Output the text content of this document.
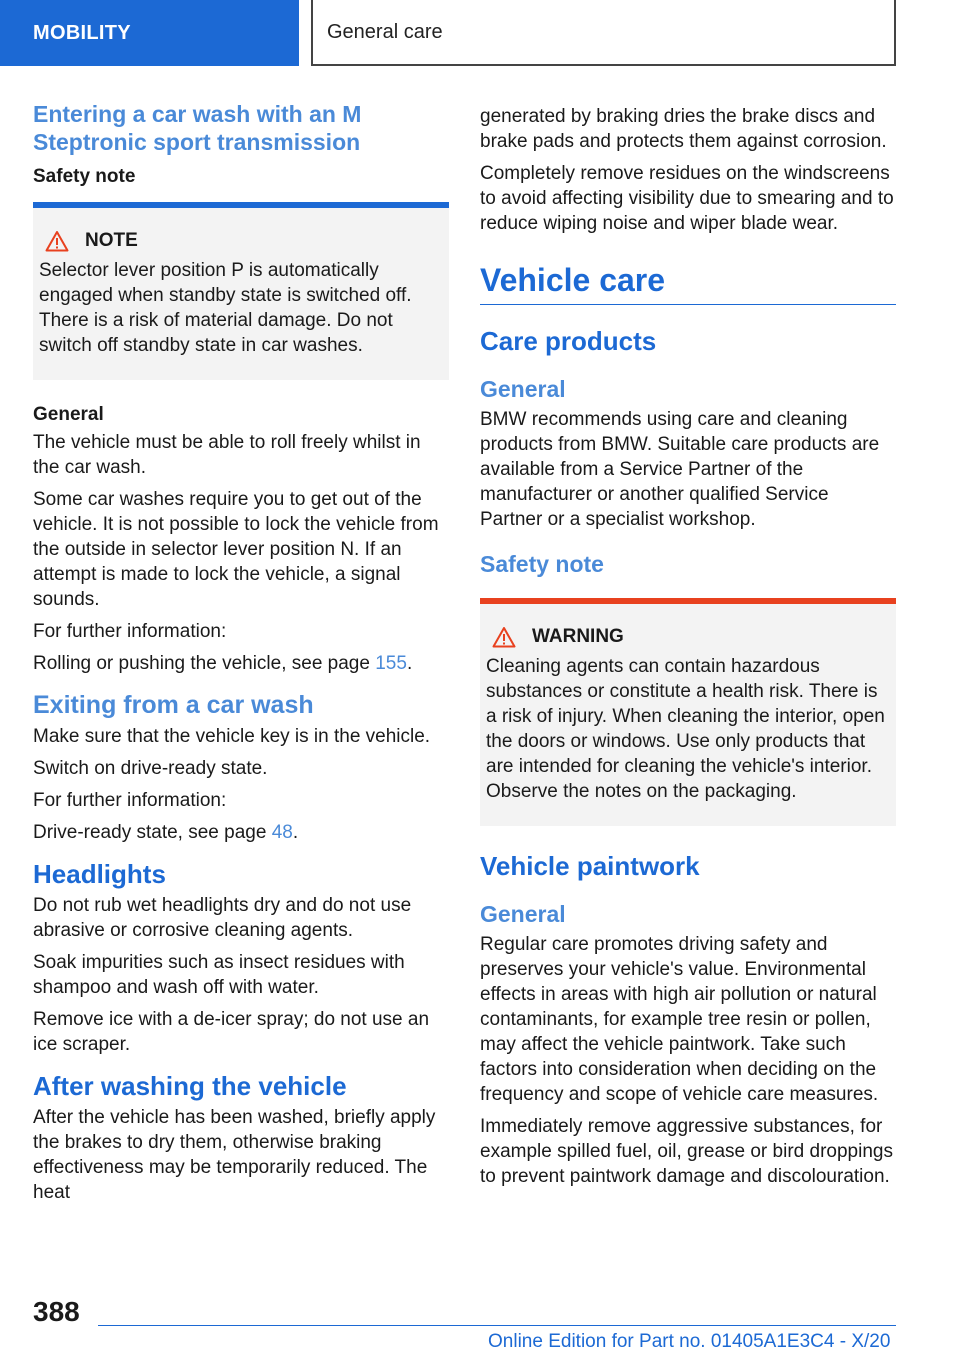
MOBILITY	General care
Entering a car wash with an M Steptronic sport transmission
Safety note
NOTE

Selector lever position P is automatically engaged when standby state is switched off. There is a risk of material damage. Do not switch off standby state in car washes.

General

The vehicle must be able to roll freely whilst in the car wash.

Some car washes require you to get out of the vehicle. It is not possible to lock the vehicle from the outside in selector lever position N. If an attempt is made to lock the vehicle, a signal sounds.

For further information:

Rolling or pushing the vehicle, see page 155.

Exiting from a car wash

Make sure that the vehicle key is in the vehicle.

Switch on drive-ready state.

For further information:

Drive-ready state, see page 48.

Headlights

Do not rub wet headlights dry and do not use abrasive or corrosive cleaning agents.

Soak impurities such as insect residues with shampoo and wash off with water.

Remove ice with a de-icer spray; do not use an ice scraper.

After washing the vehicle

After the vehicle has been washed, briefly apply the brakes to dry them, otherwise braking effectiveness may be temporarily reduced. The heat

generated by braking dries the brake discs and brake pads and protects them against corrosion.

Completely remove residues on the windscreens to avoid affecting visibility due to smearing and to reduce wiping noise and wiper blade wear.

Vehicle care
Care products
General

BMW recommends using care and cleaning products from BMW. Suitable care products are available from a Service Partner of the manufacturer or another qualified Service Partner or a specialist workshop.

Safety note
WARNING

Cleaning agents can contain hazardous substances or constitute a health risk. There is a risk of injury. When cleaning the interior, open the doors or windows. Use only products that are intended for cleaning the vehicle's interior. Observe the notes on the packaging.

Vehicle paintwork
General

Regular care promotes driving safety and preserves your vehicle's value. Environmental effects in areas with high air pollution or natural contaminants, for example tree resin or pollen, may affect the vehicle paintwork. Take such factors into consideration when deciding on the frequency and scope of vehicle care measures.

Immediately remove aggressive substances, for example spilled fuel, oil, grease or bird droppings to prevent paintwork damage and discolouration.

388
Online Edition for Part no. 01405A1E3C4 - X/20
